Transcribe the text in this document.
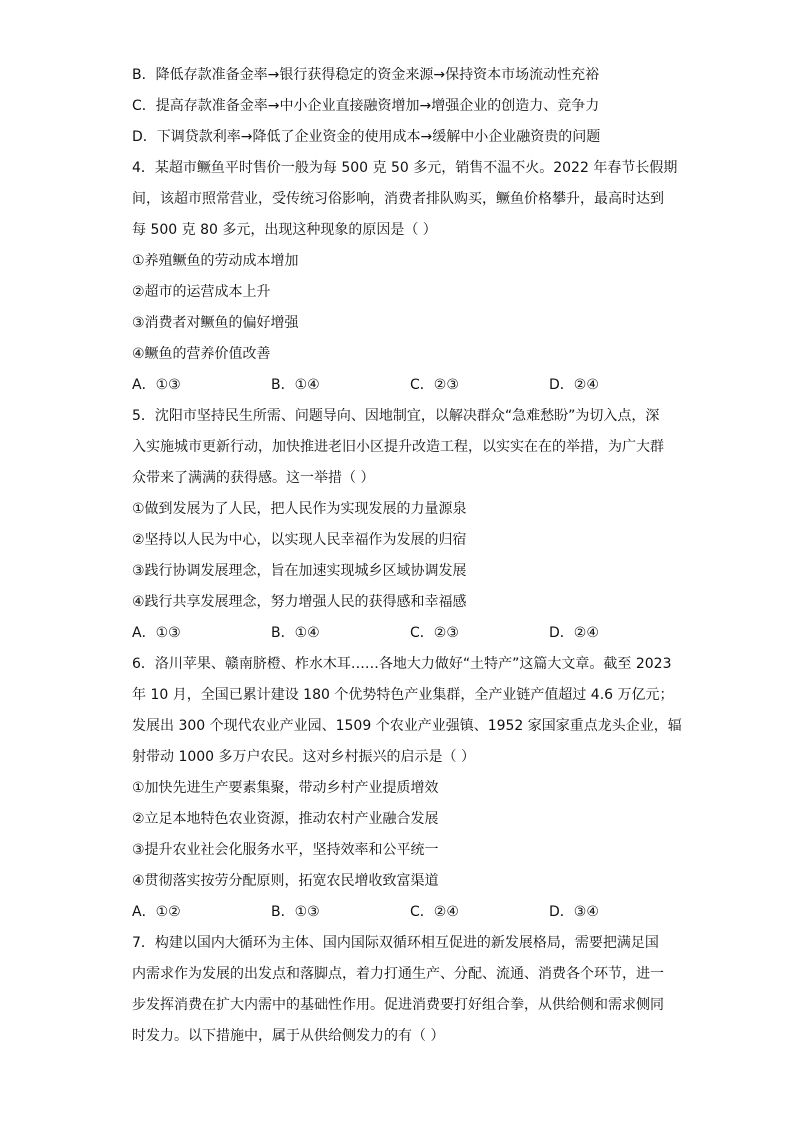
B．降低存款准备金率→银行获得稳定的资金来源→保持资本市场流动性充裕
C．提高存款准备金率→中小企业直接融资增加→增强企业的创造力、竞争力
D．下调贷款利率→降低了企业资金的使用成本→缓解中小企业融资贵的问题
4．某超市鳜鱼平时售价一般为每 500 克 50 多元，销售不温不火。2022 年春节长假期
间，该超市照常营业，受传统习俗影响，消费者排队购买，鳜鱼价格攀升，最高时达到
每 500 克 80 多元，出现这种现象的原因是（ ）
①养殖鳜鱼的劳动成本增加
②超市的运营成本上升
③消费者对鳜鱼的偏好增强
④鳜鱼的营养价值改善
A．①③	B．①④	C．②③	D．②④
5．沈阳市坚持民生所需、问题导向、因地制宜，以解决群众“急难愁盼”为切入点，深
入实施城市更新行动，加快推进老旧小区提升改造工程，以实实在在的举措，为广大群
众带来了满满的获得感。这一举措（ ）
①做到发展为了人民，把人民作为实现发展的力量源泉
②坚持以人民为中心，以实现人民幸福作为发展的归宿
③践行协调发展理念，旨在加速实现城乡区域协调发展
④践行共享发展理念，努力增强人民的获得感和幸福感
A．①③	B．①④	C．②③	D．②④
6．洛川苹果、赣南脐橙、柞水木耳……各地大力做好“土特产”这篇大文章。截至 2023
年 10 月，全国已累计建设 180 个优势特色产业集群，全产业链产值超过 4.6 万亿元；
发展出 300 个现代农业产业园、1509 个农业产业强镇、1952 家国家重点龙头企业，辐
射带动 1000 多万户农民。这对乡村振兴的启示是（ ）
①加快先进生产要素集聚，带动乡村产业提质增效
②立足本地特色农业资源，推动农村产业融合发展
③提升农业社会化服务水平，坚持效率和公平统一
④贯彻落实按劳分配原则，拓宽农民增收致富渠道
A．①②	B．①③	C．②④	D．③④
7．构建以国内大循环为主体、国内国际双循环相互促进的新发展格局，需要把满足国
内需求作为发展的出发点和落脚点，着力打通生产、分配、流通、消费各个环节，进一
步发挥消费在扩大内需中的基础性作用。促进消费要打好组合拳，从供给侧和需求侧同
时发力。以下措施中，属于从供给侧发力的有（ ）
